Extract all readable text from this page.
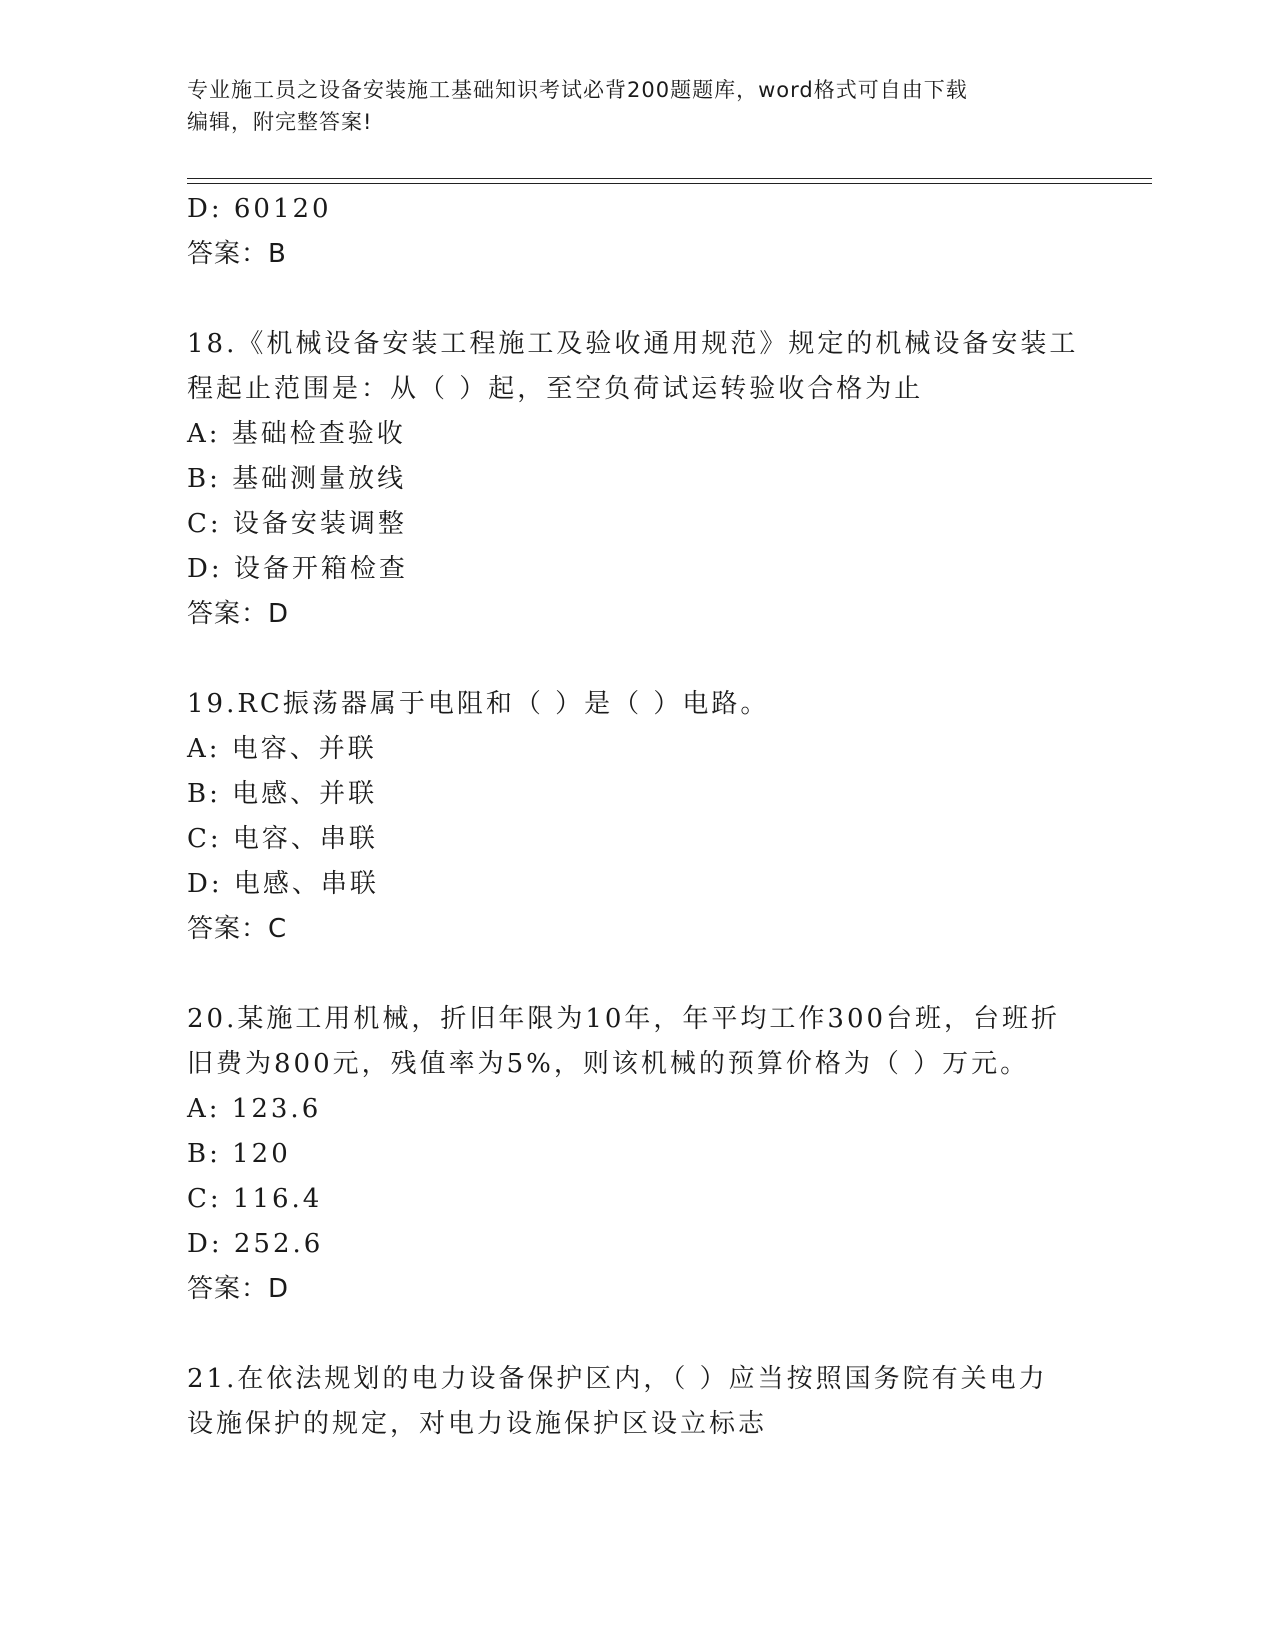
专业施工员之设备安装施工基础知识考试必背200题题库，word格式可自由下载
编辑，附完整答案!
D: 60120
答案：B
18.《机械设备安装工程施工及验收通用规范》规定的机械设备安装工
程起止范围是：从（ ）起，至空负荷试运转验收合格为止
A: 基础检查验收
B: 基础测量放线
C: 设备安装调整
D: 设备开箱检查
答案：D
19.RC振荡器属于电阻和（ ）是（ ）电路。
A: 电容、并联
B: 电感、并联
C: 电容、串联
D: 电感、串联
答案：C
20.某施工用机械，折旧年限为10年，年平均工作300台班，台班折
旧费为800元，残值率为5%，则该机械的预算价格为（ ）万元。
A: 123.6
B: 120
C: 116.4
D: 252.6
答案：D
21.在依法规划的电力设备保护区内，（ ）应当按照国务院有关电力
设施保护的规定，对电力设施保护区设立标志
